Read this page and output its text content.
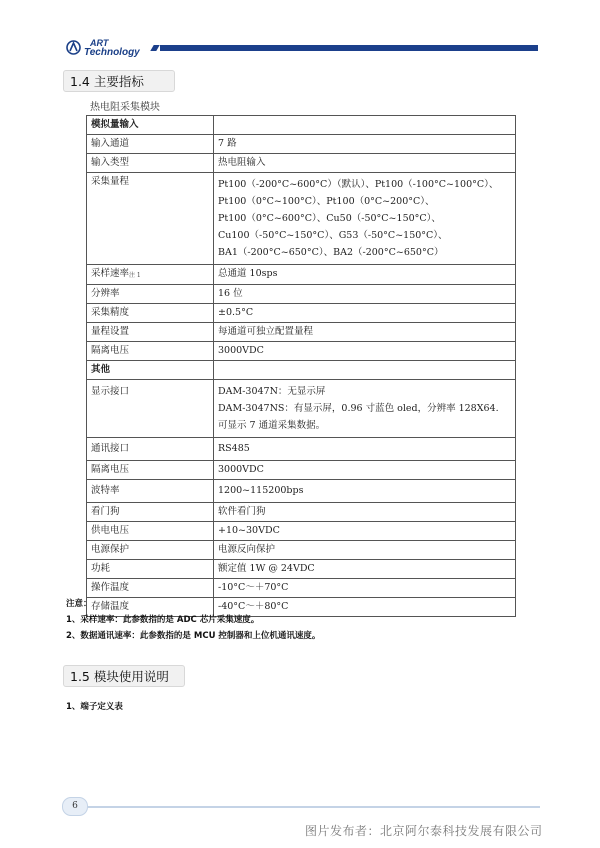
ART
Technology
1.4 主要指标
热电阻采集模块
模拟量输入	
输入通道	7 路
输入类型	热电阻输入
采集量程	Pt100（-200°C~600°C）（默认）、Pt100（-100°C~100°C）、
Pt100（0°C~100°C）、Pt100（0°C~200°C）、
Pt100（0°C~600°C）、Cu50（-50°C~150°C）、
Cu100（-50°C~150°C）、G53（-50°C~150°C）、
BA1（-200°C~650°C）、BA2（-200°C~650°C）

采样速率$_{注 1}$	总通道 10sps
分辨率	16 位
采集精度	±0.5°C
量程设置	每通道可独立配置量程
隔离电压	3000VDC
其他	
显示接口	DAM-3047N：无显示屏
DAM-3047NS：有显示屏，0.96 寸蓝色 oled，分辨率 128X64.
可显示 7 通道采集数据。

通讯接口	RS485
隔离电压	3000VDC
波特率	1200~115200bps
看门狗	软件看门狗
供电电压	+10~30VDC
电源保护	电源反向保护
功耗	额定值 1W @ 24VDC
操作温度	-10°C～＋70°C
存储温度	-40°C～＋80°C
注意：
1、采样速率：此参数指的是 ADC 芯片采集速度。
2、数据通讯速率：此参数指的是 MCU 控制器和上位机通讯速度。
1.5 模块使用说明
1、端子定义表
6
图片发布者：北京阿尔泰科技发展有限公司
